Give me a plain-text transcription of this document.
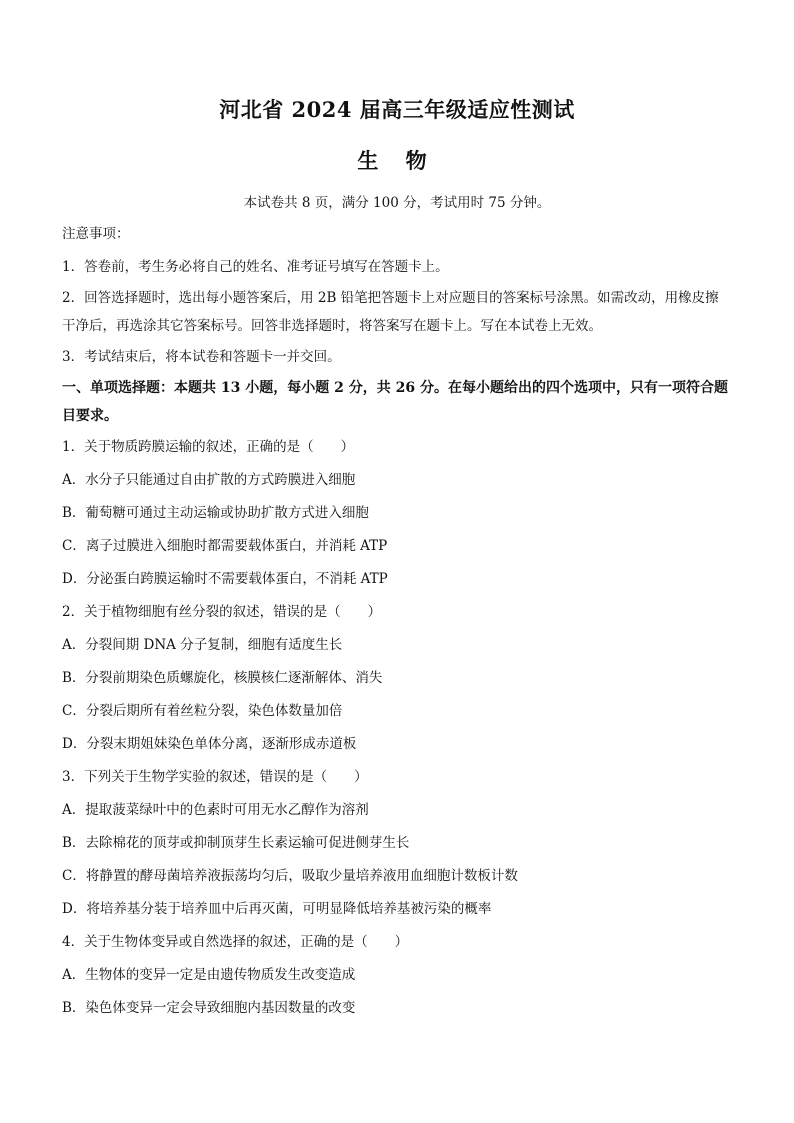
河北省 2024 届高三年级适应性测试
生 物
本试卷共 8 页，满分 100 分，考试用时 75 分钟。
注意事项：
1．答卷前，考生务必将自己的姓名、准考证号填写在答题卡上。
2．回答选择题时，选出每小题答案后，用 2B 铅笔把答题卡上对应题目的答案标号涂黑。如需改动，用橡皮擦干净后，再选涂其它答案标号。回答非选择题时，将答案写在题卡上。写在本试卷上无效。
3．考试结束后，将本试卷和答题卡一并交回。
一、单项选择题：本题共 13 小题，每小题 2 分，共 26 分。在每小题给出的四个选项中，只有一项符合题目要求。
1．关于物质跨膜运输的叙述，正确的是（　　）
A．水分子只能通过自由扩散的方式跨膜进入细胞
B．葡萄糖可通过主动运输或协助扩散方式进入细胞
C．离子过膜进入细胞时都需要载体蛋白，并消耗 ATP
D．分泌蛋白跨膜运输时不需要载体蛋白，不消耗 ATP
2．关于植物细胞有丝分裂的叙述，错误的是（　　）
A．分裂间期 DNA 分子复制，细胞有适度生长
B．分裂前期染色质螺旋化，核膜核仁逐渐解体、消失
C．分裂后期所有着丝粒分裂，染色体数量加倍
D．分裂末期姐妹染色单体分离，逐渐形成赤道板
3．下列关于生物学实验的叙述，错误的是（　　）
A．提取菠菜绿叶中的色素时可用无水乙醇作为溶剂
B．去除棉花的顶芽或抑制顶芽生长素运输可促进侧芽生长
C．将静置的酵母菌培养液振荡均匀后，吸取少量培养液用血细胞计数板计数
D．将培养基分装于培养皿中后再灭菌，可明显降低培养基被污染的概率
4．关于生物体变异或自然选择的叙述，正确的是（　　）
A．生物体的变异一定是由遗传物质发生改变造成
B．染色体变异一定会导致细胞内基因数量的改变
